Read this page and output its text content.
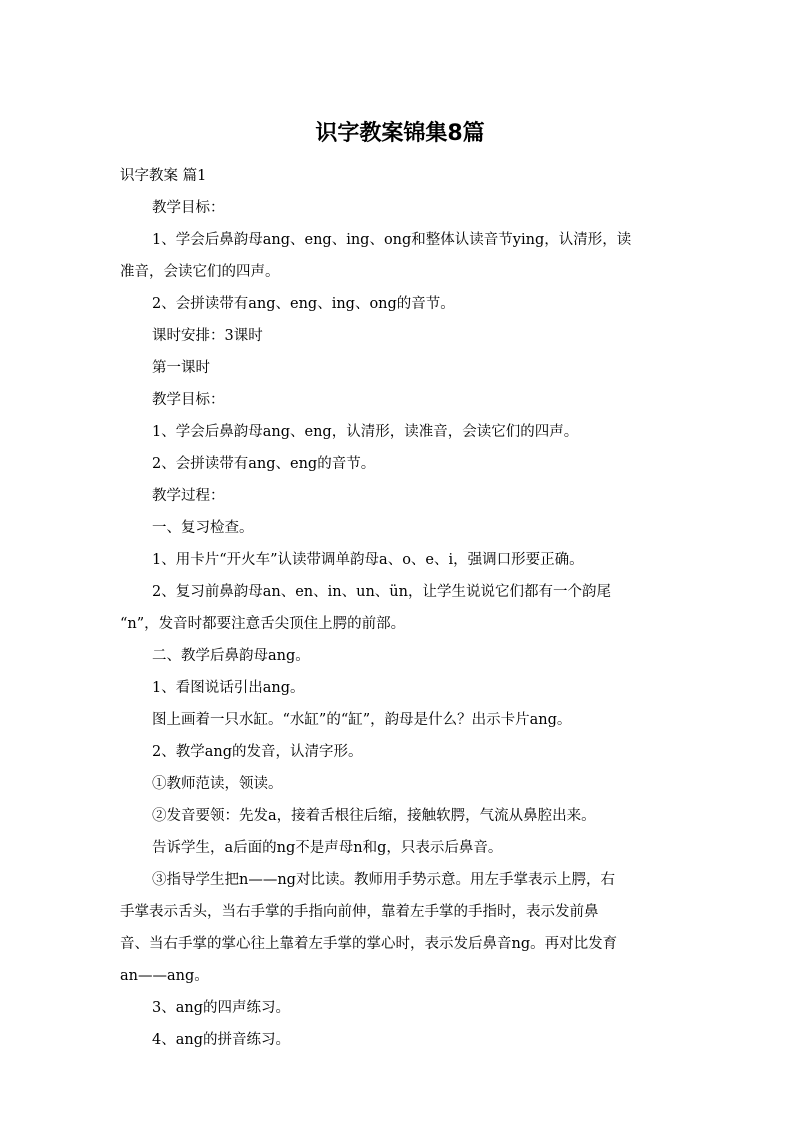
识字教案锦集8篇

识字教案 篇1

教学目标：

1、学会后鼻韵母ang、eng、ing、ong和整体认读音节ying，认清形，读
准音，会读它们的四声。

2、会拼读带有ang、eng、ing、ong的音节。

课时安排：3课时

第一课时

教学目标：

1、学会后鼻韵母ang、eng，认清形，读准音，会读它们的四声。

2、会拼读带有ang、eng的音节。

教学过程：

一、复习检查。

1、用卡片“开火车”认读带调单韵母a、o、e、i，强调口形要正确。

2、复习前鼻韵母an、en、in、un、ün，让学生说说它们都有一个韵尾
“n”，发音时都要注意舌尖顶住上腭的前部。

二、教学后鼻韵母ang。

1、看图说话引出ang。

图上画着一只水缸。“水缸”的“缸”，韵母是什么？出示卡片ang。

2、教学ang的发音，认清字形。

①教师范读，领读。

②发音要领：先发a，接着舌根往后缩，接触软腭，气流从鼻腔出来。

告诉学生，a后面的ng不是声母n和g，只表示后鼻音。

③指导学生把n——ng对比读。教师用手势示意。用左手掌表示上腭，右
手掌表示舌头，当右手掌的手指向前伸，靠着左手掌的手指时，表示发前鼻
音、当右手掌的掌心往上靠着左手掌的掌心时，表示发后鼻音ng。再对比发育
an——ang。

3、ang的四声练习。

4、ang的拼音练习。
